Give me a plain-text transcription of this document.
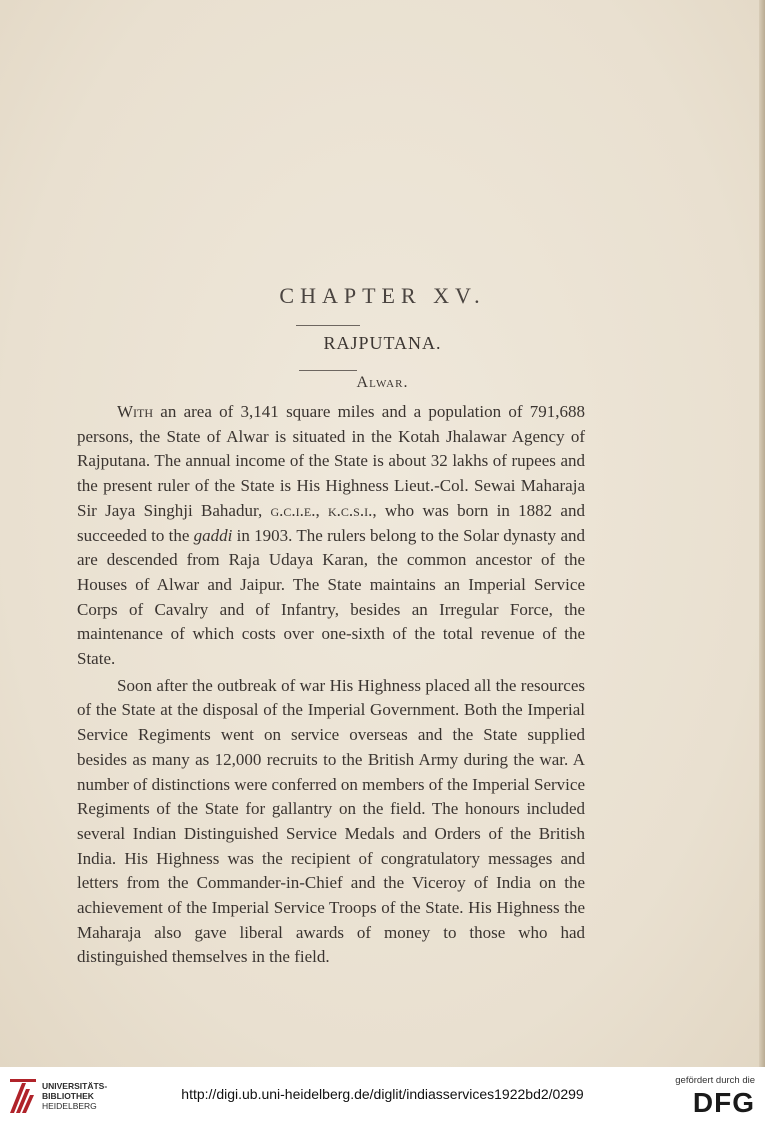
CHAPTER XV.
RAJPUTANA.
Alwar.

With an area of 3,141 square miles and a population of 791,688 persons, the State of Alwar is situated in the Kotah Jhalawar Agency of Rajputana. The annual income of the State is about 32 lakhs of rupees and the present ruler of the State is His Highness Lieut.-Col. Sewai Maharaja Sir Jaya Singhji Bahadur, g.c.i.e., k.c.s.i., who was born in 1882 and succeeded to the gaddi in 1903. The rulers belong to the Solar dynasty and are descended from Raja Udaya Karan, the common ancestor of the Houses of Alwar and Jaipur. The State maintains an Imperial Service Corps of Cavalry and of Infantry, besides an Irregular Force, the maintenance of which costs over one-sixth of the total revenue of the State.

Soon after the outbreak of war His Highness placed all the resources of the State at the disposal of the Imperial Government. Both the Imperial Service Regiments went on service overseas and the State supplied besides as many as 12,000 recruits to the British Army during the war. A number of distinctions were conferred on members of the Imperial Service Regiments of the State for gallantry on the field. The honours included several Indian Distinguished Service Medals and Orders of the British India. His Highness was the recipient of congratulatory messages and letters from the Commander-in-Chief and the Viceroy of India on the achievement of the Imperial Service Troops of the State. His Highness the Maharaja also gave liberal awards of money to those who had distinguished themselves in the field.

UNIVERSITÄTS-
BIBLIOTHEK
HEIDELBERG
http://digi.ub.uni-heidelberg.de/diglit/indiasservices1922bd2/0299
gefördert durch die
DFG
